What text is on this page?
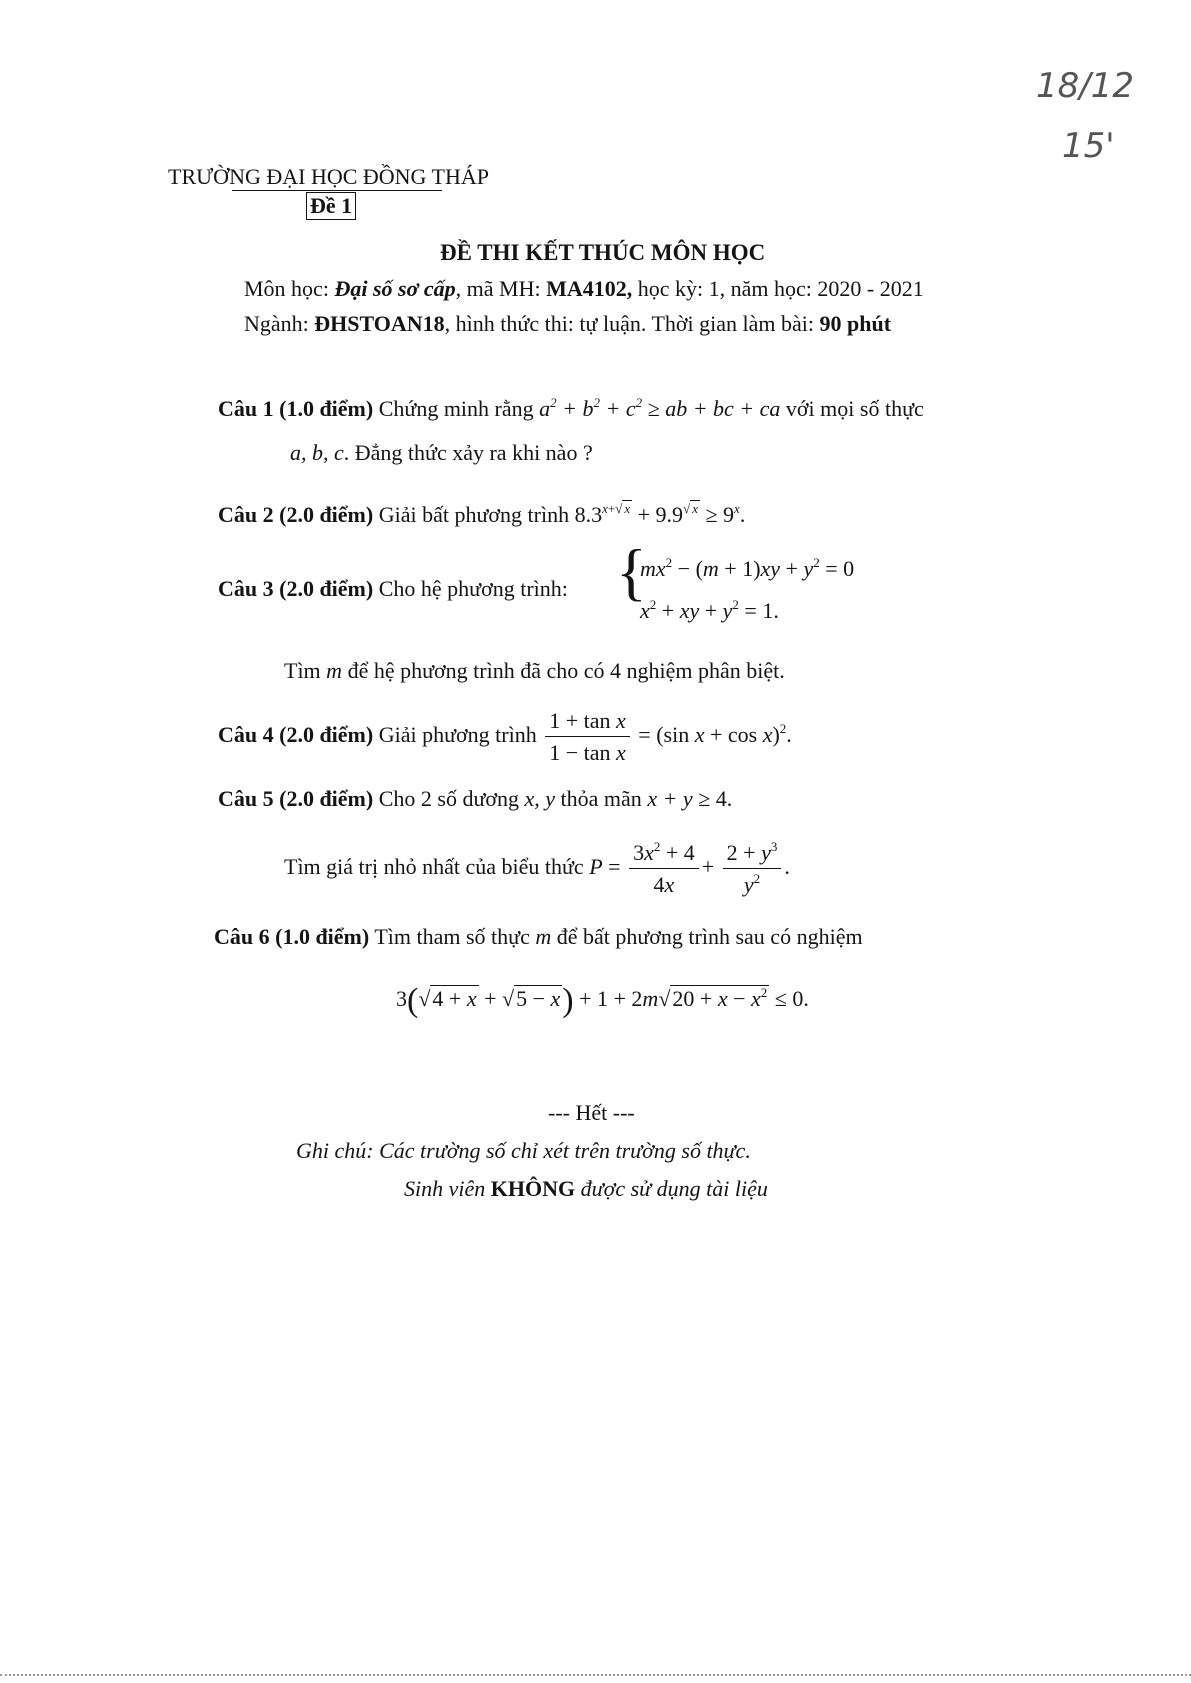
18/12
15'
TRƯỜNG ĐẠI HỌC ĐỒNG THÁP
Đề 1
ĐỀ THI KẾT THÚC MÔN HỌC
Môn học: Đại số sơ cấp, mã MH: MA4102, học kỳ: 1, năm học: 2020 - 2021
Ngành: ĐHSTOAN18, hình thức thi: tự luận. Thời gian làm bài: 90 phút
Câu 1 (1.0 điểm) Chứng minh rằng $a^2 + b^2 + c^2$ ≥ ab + bc + ca với mọi số thực
a, b, c. Đẳng thức xảy ra khi nào ?
Câu 2 (2.0 điểm) Giải bất phương trình $8.3^{x+√ x} + 9.9^{√ x} \ge 9^x$.
Câu 3 (2.0 điểm) Cho hệ phương trình: {
$mx^2 - (m + 1)xy + y^2 = 0$
$x^2$ + xy + $y^2 = 1$.
Tìm m để hệ phương trình đã cho có 4 nghiệm phân biệt.
Câu 4 (2.0 điểm) Giải phương trình $\frac{\text{1 + tan x}}{\text{1 − tan x}} = (\sin$ x + cos x)$^2$.
Câu 5 (2.0 điểm) Cho 2 số dương x, y thỏa mãn x + y ≥ 4.
Tìm giá trị nhỏ nhất của biểu thức $P = \frac{3x^2 + 4}{4x} + \frac{2 + y^3}{y^2}$ .
Câu 6 (1.0 điểm) Tìm tham số thực m để bất phương trình sau có nghiệm
$3(√4 + x + √5 - x) + 1 + 2m√20 + x - x^2 \le 0$.
--- Hết ---
Ghi chú: Các trường số chỉ xét trên trường số thực.
Sinh viên KHÔNG được sử dụng tài liệu
